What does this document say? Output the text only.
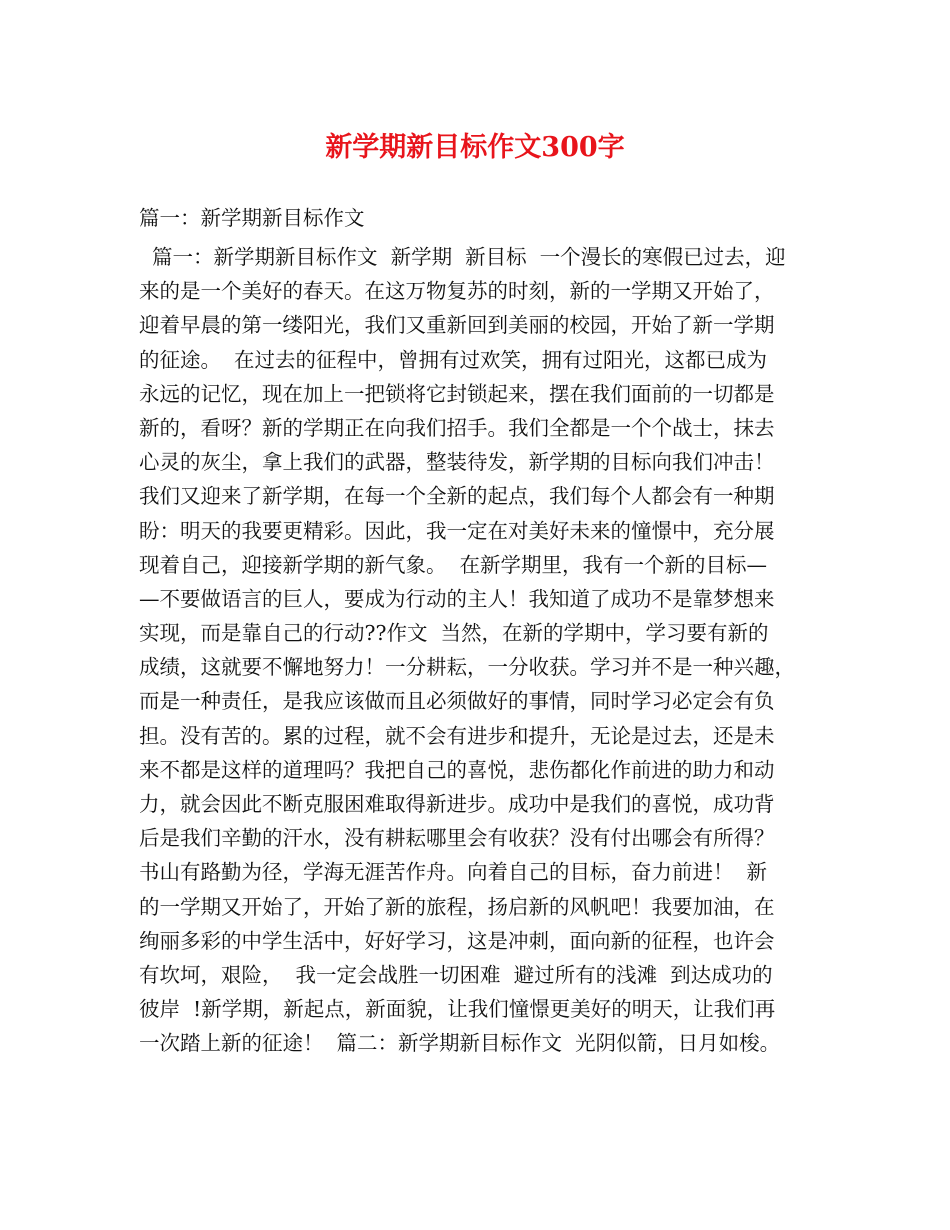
新学期新目标作文300字

篇一：新学期新目标作文

篇一：新学期新目标作文  新学期  新目标  一个漫长的寒假已过去，迎
来的是一个美好的春天。在这万物复苏的时刻，新的一学期又开始了，
迎着早晨的第一缕阳光，我们又重新回到美丽的校园，开始了新一学期
的征途。  在过去的征程中，曾拥有过欢笑，拥有过阳光，这都已成为
永远的记忆，现在加上一把锁将它封锁起来，摆在我们面前的一切都是
新的，看呀？新的学期正在向我们招手。我们全都是一个个战士，抹去
心灵的灰尘，拿上我们的武器，整装待发，新学期的目标向我们冲击！
我们又迎来了新学期，在每一个全新的起点，我们每个人都会有一种期
盼：明天的我要更精彩。因此，我一定在对美好未来的憧憬中，充分展
现着自己，迎接新学期的新气象。  在新学期里，我有一个新的目标—
—不要做语言的巨人，要成为行动的主人！我知道了成功不是靠梦想来
实现，而是靠自己的行动??作文  当然，在新的学期中，学习要有新的
成绩，这就要不懈地努力！一分耕耘，一分收获。学习并不是一种兴趣，
而是一种责任，是我应该做而且必须做好的事情，同时学习必定会有负
担。没有苦的。累的过程，就不会有进步和提升，无论是过去，还是未
来不都是这样的道理吗？我把自己的喜悦，悲伤都化作前进的助力和动
力，就会因此不断克服困难取得新进步。成功中是我们的喜悦，成功背
后是我们辛勤的汗水，没有耕耘哪里会有收获？没有付出哪会有所得？
书山有路勤为径，学海无涯苦作舟。向着自己的目标，奋力前进！  新
的一学期又开始了，开始了新的旅程，扬启新的风帆吧！我要加油，在
绚丽多彩的中学生活中，好好学习，这是冲刺，面向新的征程，也许会
有坎坷，艰险，  我一定会战胜一切困难  避过所有的浅滩  到达成功的
彼岸  !新学期，新起点，新面貌，让我们憧憬更美好的明天，让我们再
一次踏上新的征途！  篇二：新学期新目标作文  光阴似箭，日月如梭。
